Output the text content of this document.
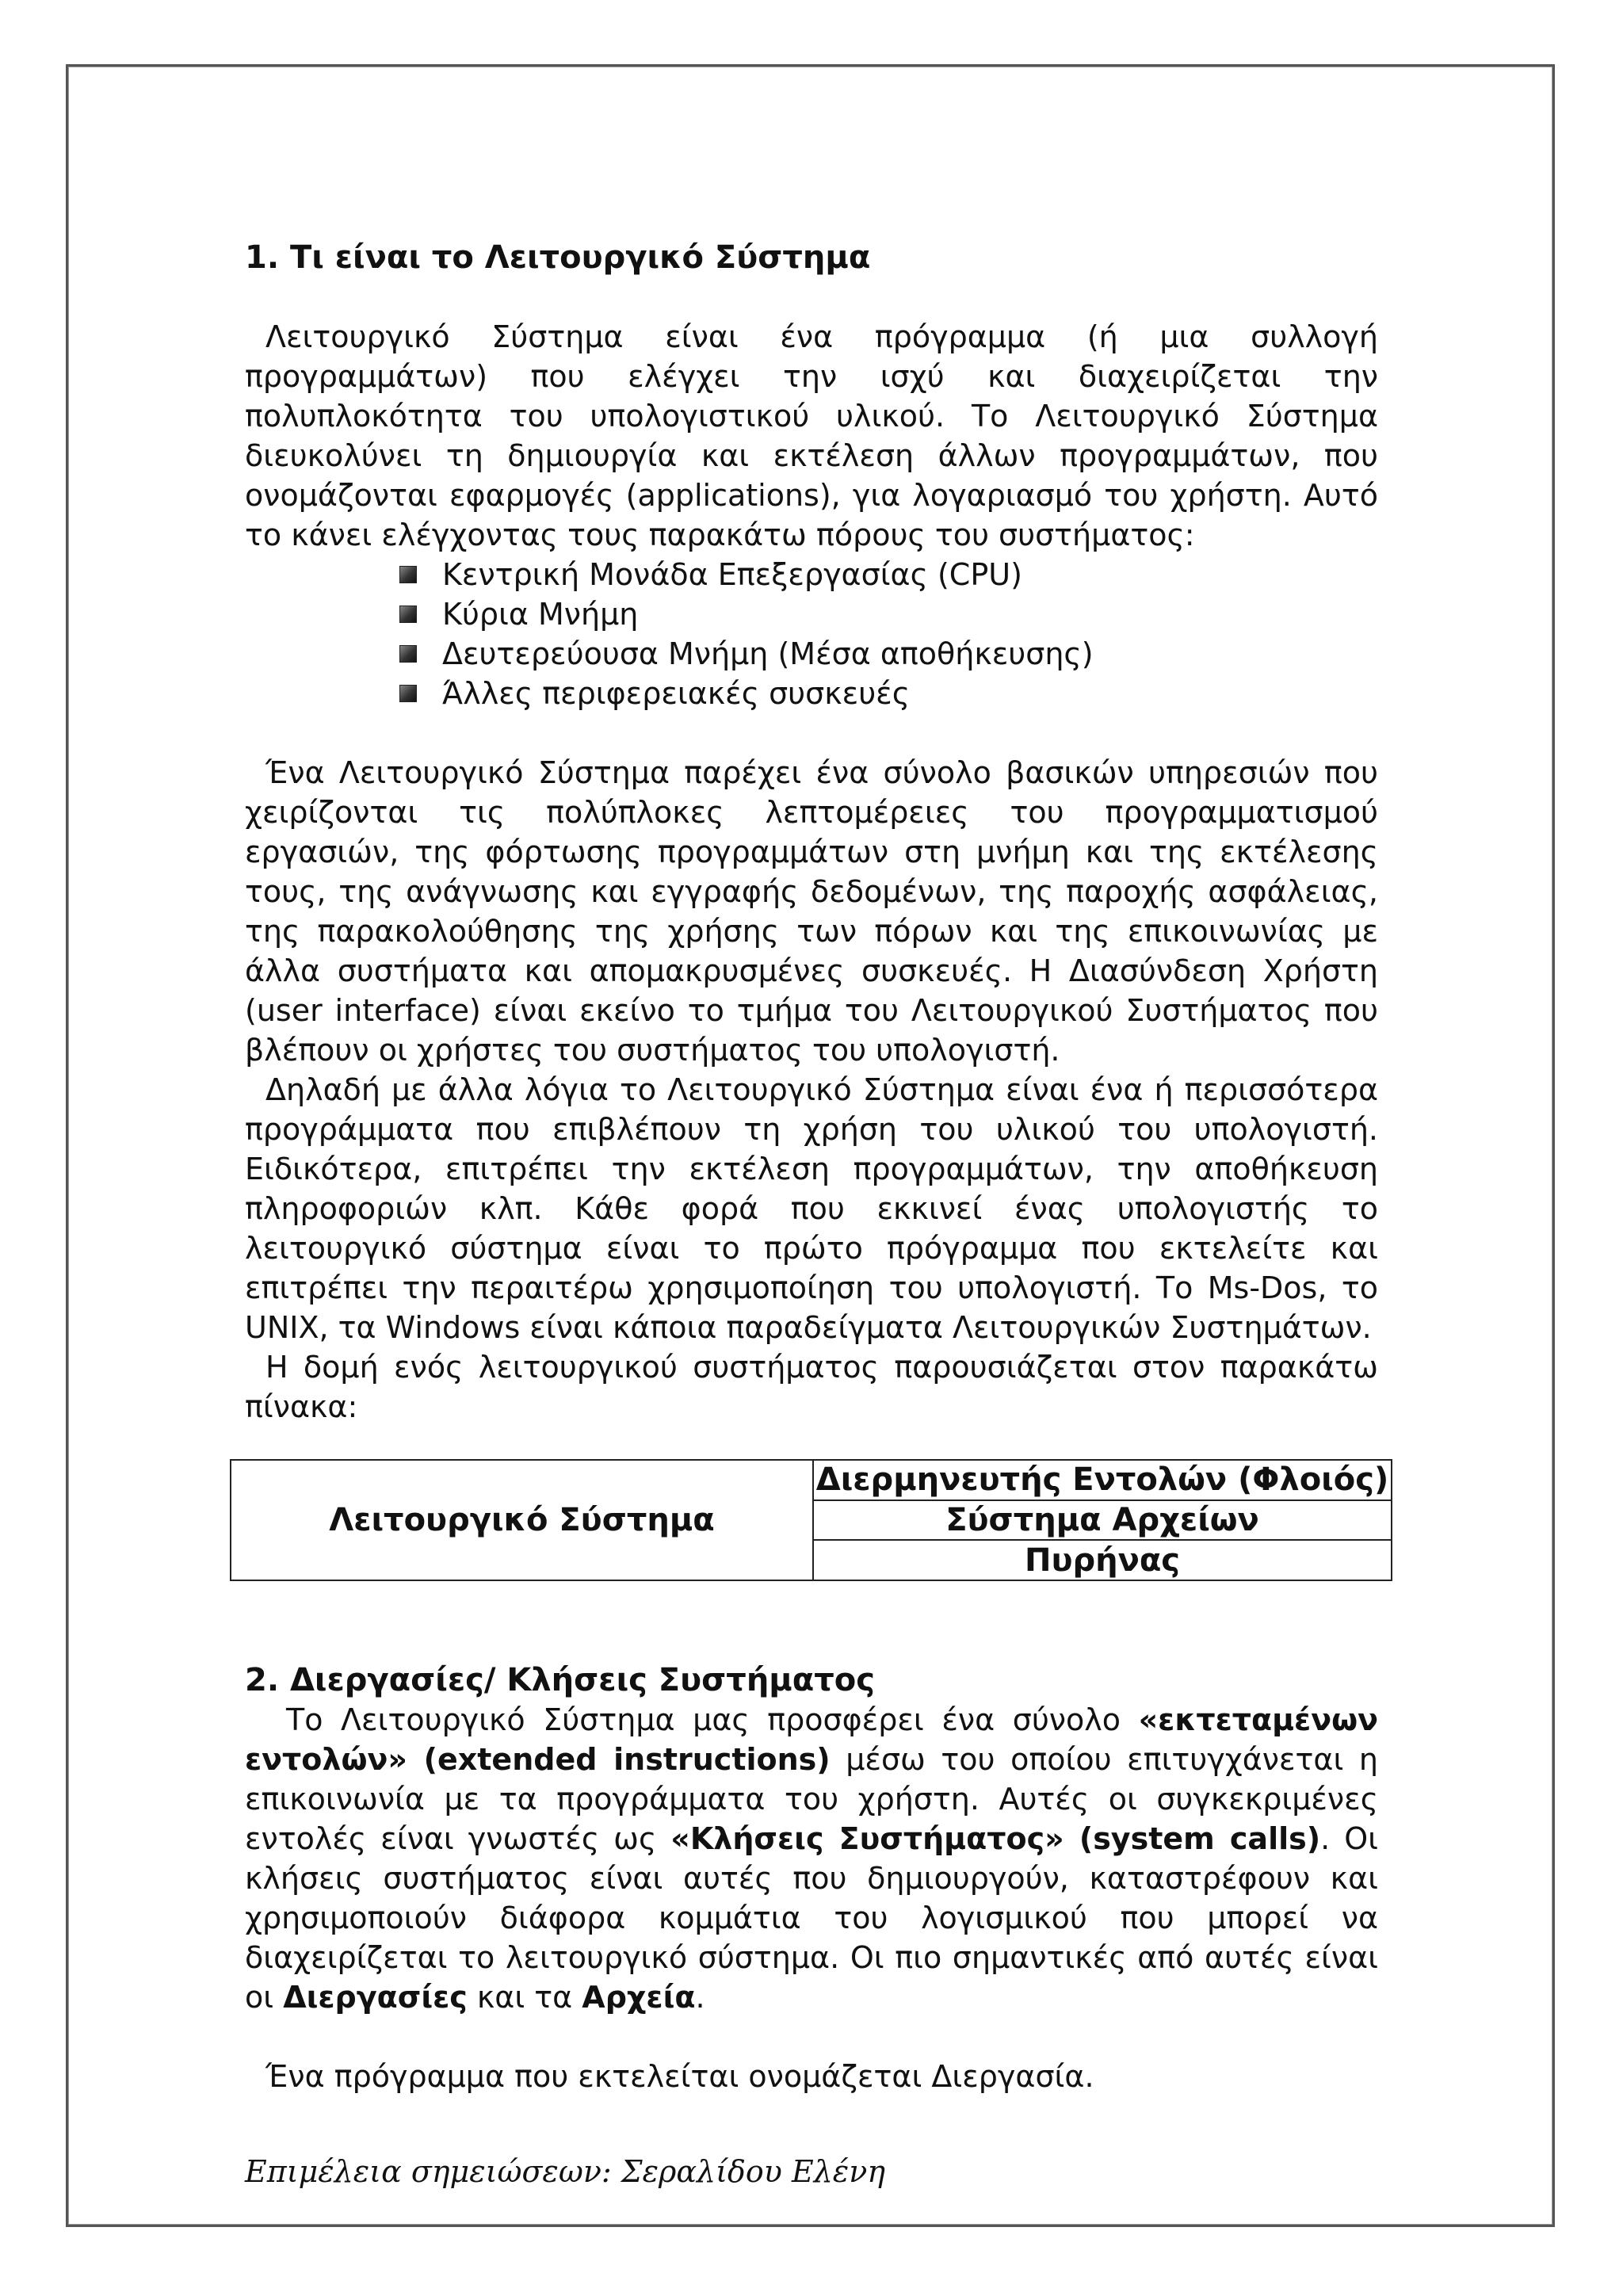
1. Τι είναι το Λειτουργικό Σύστημα

Λειτουργικό Σύστημα είναι ένα πρόγραμμα (ή μια συλλογή προγραμμάτων) που ελέγχει την ισχύ και διαχειρίζεται την πολυπλοκότητα του υπολογιστικού υλικού. Το Λειτουργικό Σύστημα διευκολύνει τη δημιουργία και εκτέλεση άλλων προγραμμάτων, που ονομάζονται εφαρμογές (applications), για λογαριασμό του χρήστη. Αυτό το κάνει ελέγχοντας τους παρακάτω πόρους του συστήματος:

Κεντρική Μονάδα Επεξεργασίας (CPU)
Κύρια Μνήμη
Δευτερεύουσα Μνήμη (Μέσα αποθήκευσης)
Άλλες περιφερειακές συσκευές

Ένα Λειτουργικό Σύστημα παρέχει ένα σύνολο βασικών υπηρεσιών που χειρίζονται τις πολύπλοκες λεπτομέρειες του προγραμματισμού εργασιών, της φόρτωσης προγραμμάτων στη μνήμη και της εκτέλεσης τους, της ανάγνωσης και εγγραφής δεδομένων, της παροχής ασφάλειας, της παρακολούθησης της χρήσης των πόρων και της επικοινωνίας με άλλα συστήματα και απομακρυσμένες συσκευές. Η Διασύνδεση Χρήστη (user interface) είναι εκείνο το τμήμα του Λειτουργικού Συστήματος που βλέπουν οι χρήστες του συστήματος του υπολογιστή.

Δηλαδή με άλλα λόγια το Λειτουργικό Σύστημα είναι ένα ή περισσότερα προγράμματα που επιβλέπουν τη χρήση του υλικού του υπολογιστή. Ειδικότερα, επιτρέπει την εκτέλεση προγραμμάτων, την αποθήκευση πληροφοριών κλπ. Κάθε φορά που εκκινεί ένας υπολογιστής το λειτουργικό σύστημα είναι το πρώτο πρόγραμμα που εκτελείτε και επιτρέπει την περαιτέρω χρησιμοποίηση του υπολογιστή. Το Ms-Dos, το UNIX, τα Windows είναι κάποια παραδείγματα Λειτουργικών Συστημάτων.

Η δομή ενός λειτουργικού συστήματος παρουσιάζεται στον παρακάτω πίνακα:

Λειτουργικό Σύστημα	Διερμηνευτής Εντολών (Φλοιός)
Σύστημα Αρχείων
Πυρήνας
2. Διεργασίες/ Κλήσεις Συστήματος

Το Λειτουργικό Σύστημα μας προσφέρει ένα σύνολο «εκτεταμένων εντολών» (extended instructions) μέσω του οποίου επιτυγχάνεται η επικοινωνία με τα προγράμματα του χρήστη. Αυτές οι συγκεκριμένες εντολές είναι γνωστές ως «Κλήσεις Συστήματος» (system calls). Οι κλήσεις συστήματος είναι αυτές που δημιουργούν, καταστρέφουν και χρησιμοποιούν διάφορα κομμάτια του λογισμικού που μπορεί να διαχειρίζεται το λειτουργικό σύστημα. Οι πιο σημαντικές από αυτές είναι οι Διεργασίες και τα Αρχεία.

Ένα πρόγραμμα που εκτελείται ονομάζεται Διεργασία.

Επιμέλεια σημειώσεων: Σεραλίδου Ελένη
